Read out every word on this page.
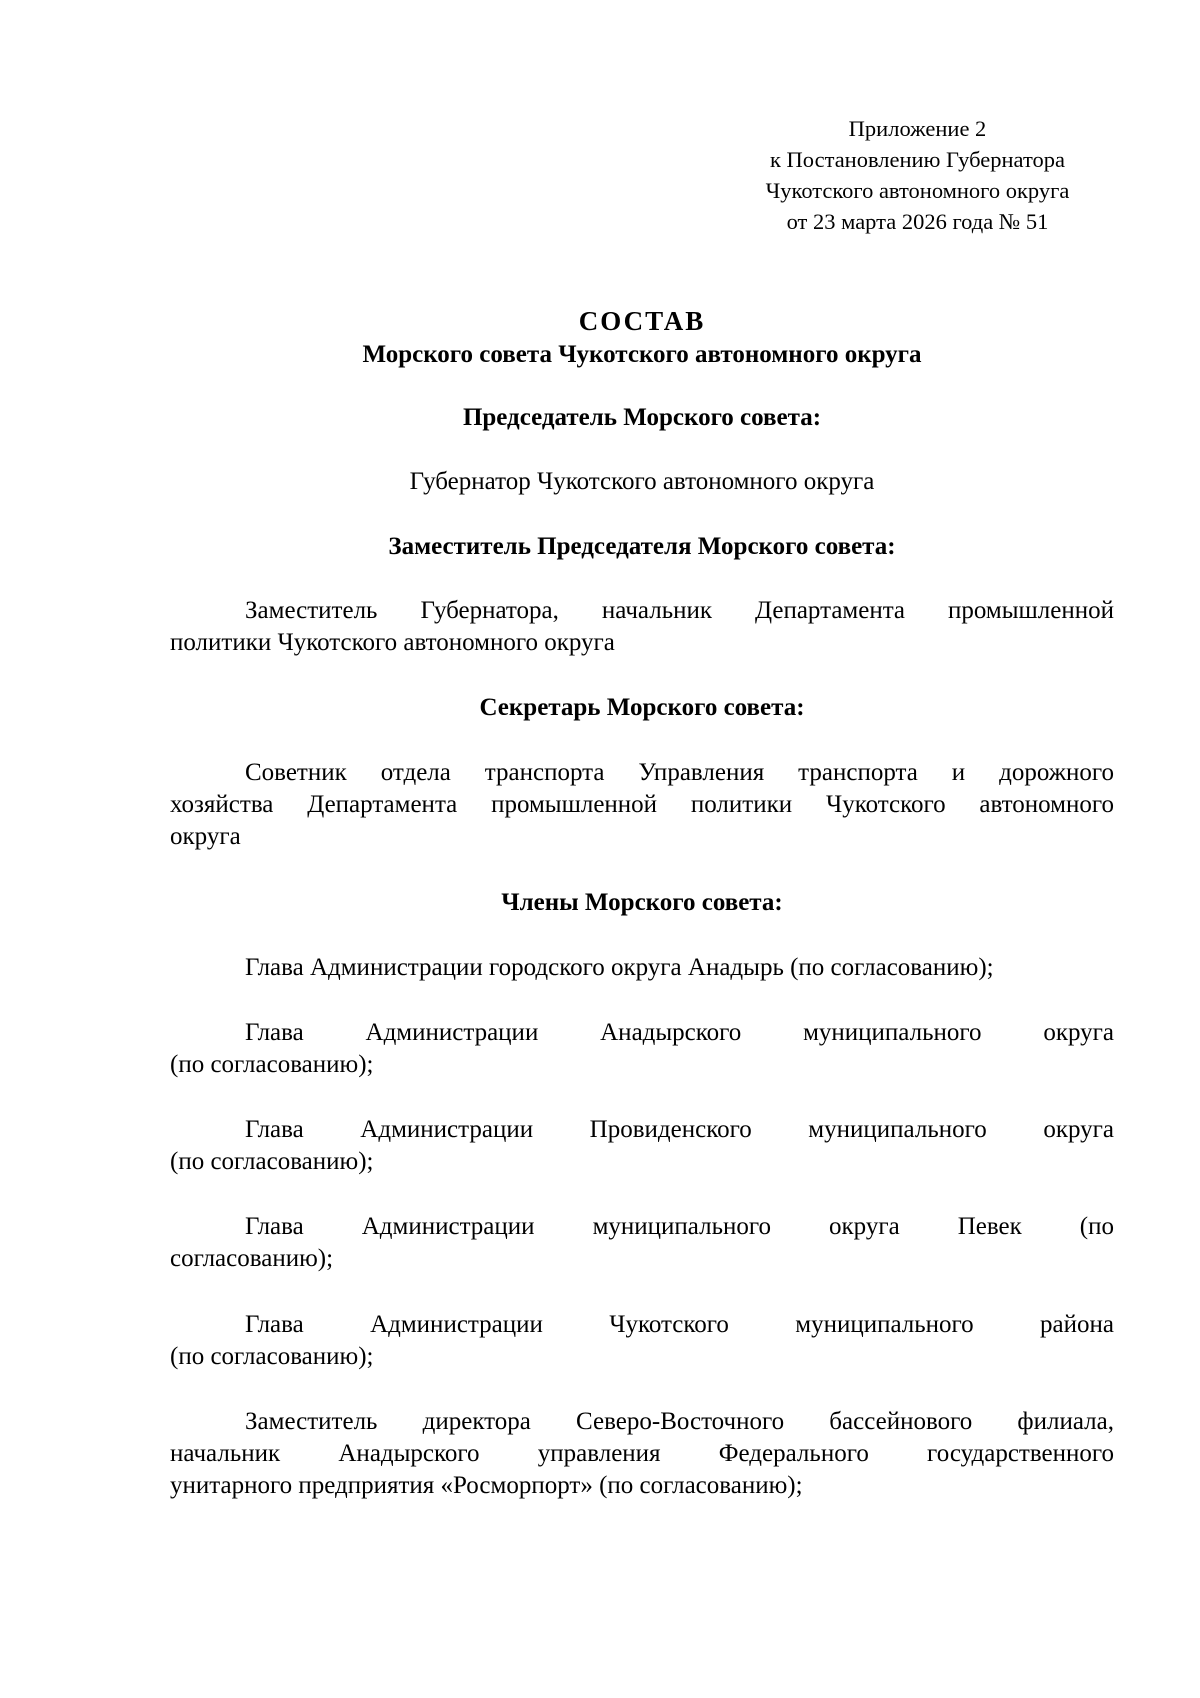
Приложение 2
к Постановлению Губернатора
Чукотского автономного округа
от 23 марта 2026 года № 51
СОСТАВ
Морского совета Чукотского автономного округа
Председатель Морского совета:
Губернатор Чукотского автономного округа
Заместитель Председателя Морского совета:
Заместитель Губернатора, начальник Департамента промышленной
политики Чукотского автономного округа
Секретарь Морского совета:
Советник отдела транспорта Управления транспорта и дорожного
хозяйства Департамента промышленной политики Чукотского автономного
округа
Члены Морского совета:
Глава Администрации городского округа Анадырь (по согласованию);
Глава Администрации Анадырского муниципального округа
(по согласованию);
Глава Администрации Провиденского муниципального округа
(по согласованию);
Глава Администрации муниципального округа Певек (по
согласованию);
Глава Администрации Чукотского муниципального района
(по согласованию);
Заместитель директора Северо-Восточного бассейнового филиала,
начальник Анадырского управления Федерального государственного
унитарного предприятия «Росморпорт» (по согласованию);
